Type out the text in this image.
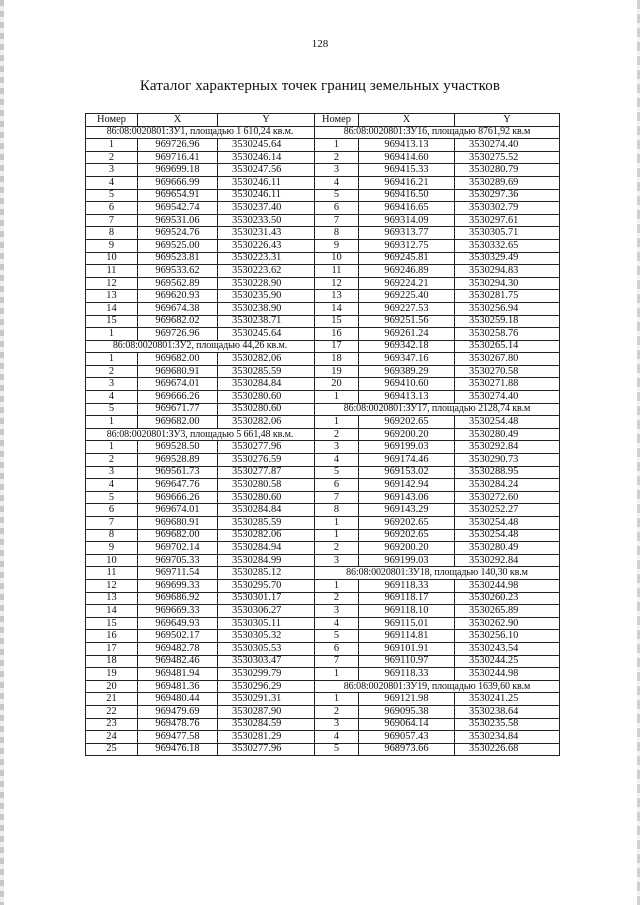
128
Каталог характерных точек границ земельных участков
Номер	X	Y	Номер	X	Y
86:08:0020801:ЗУ1, площадью 1 610,24 кв.м.			86:08:0020801:ЗУ16, площадью 8761,92 кв.м		
1	969726.96	3530245.64	1	969413.13	3530274.40
2	969716.41	3530246.14	2	969414.60	3530275.52
3	969699.18	3530247.56	3	969415.33	3530280.79
4	969666.99	3530246.11	4	969416.21	3530289.69
5	969654.91	3530246.11	5	969416.50	3530297.36
6	969542.74	3530237.40	6	969416.65	3530302.79
7	969531.06	3530233.50	7	969314.09	3530297.61
8	969524.76	3530231.43	8	969313.77	3530305.71
9	969525.00	3530226.43	9	969312.75	3530332.65
10	969523.81	3530223.31	10	969245.81	3530329.49
11	969533.62	3530223.62	11	969246.89	3530294.83
12	969562.89	3530228.90	12	969224.21	3530294.30
13	969620.93	3530235.90	13	969225.40	3530281.75
14	969674.38	3530238.90	14	969227.53	3530256.94
15	969682.02	3530238.71	15	969251.56	3530259.18
1	969726.96	3530245.64	16	969261.24	3530258.76
86:08:0020801:ЗУ2, площадью 44,26 кв.м.			17	969342.18	3530265.14
1	969682.00	3530282.06	18	969347.16	3530267.80
2	969680.91	3530285.59	19	969389.29	3530270.58
3	969674.01	3530284.84	20	969410.60	3530271.88
4	969666.26	3530280.60	1	969413.13	3530274.40
5	969671.77	3530280.60	86:08:0020801:ЗУ17, площадью 2128,74 кв.м		
1	969682.00	3530282.06	1	969202.65	3530254.48
86:08:0020801:ЗУ3, площадью 5 661,48 кв.м.			2	969200.20	3530280.49
1	969528.50	3530277.96	3	969199.03	3530292.84
2	969528.89	3530276.59	4	969174.46	3530290.73
3	969561.73	3530277.87	5	969153.02	3530288.95
4	969647.76	3530280.58	6	969142.94	3530284.24
5	969666.26	3530280.60	7	969143.06	3530272.60
6	969674.01	3530284.84	8	969143.29	3530252.27
7	969680.91	3530285.59	1	969202.65	3530254.48
8	969682.00	3530282.06	1	969202.65	3530254.48
9	969702.14	3530284.94	2	969200.20	3530280.49
10	969705.33	3530284.99	3	969199.03	3530292.84
11	969711.54	3530285.12	86:08:0020801:ЗУ18, площадью 140,30 кв.м		
12	969699.33	3530295.70	1	969118.33	3530244.98
13	969686.92	3530301.17	2	969118.17	3530260.23
14	969669.33	3530306.27	3	969118.10	3530265.89
15	969649.93	3530305.11	4	969115.01	3530262.90
16	969502.17	3530305.32	5	969114.81	3530256.10
17	969482.78	3530305.53	6	969101.91	3530243.54
18	969482.46	3530303.47	7	969110.97	3530244.25
19	969481.94	3530299.79	1	969118.33	3530244.98
20	969481.36	3530296.29	86:08:0020801:ЗУ19, площадью 1639,60 кв.м		
21	969480.44	3530291.31	1	969121.98	3530241.25
22	969479.69	3530287.90	2	969095.38	3530238.64
23	969478.76	3530284.59	3	969064.14	3530235.58
24	969477.58	3530281.29	4	969057.43	3530234.84
25	969476.18	3530277.96	5	968973.66	3530226.68
